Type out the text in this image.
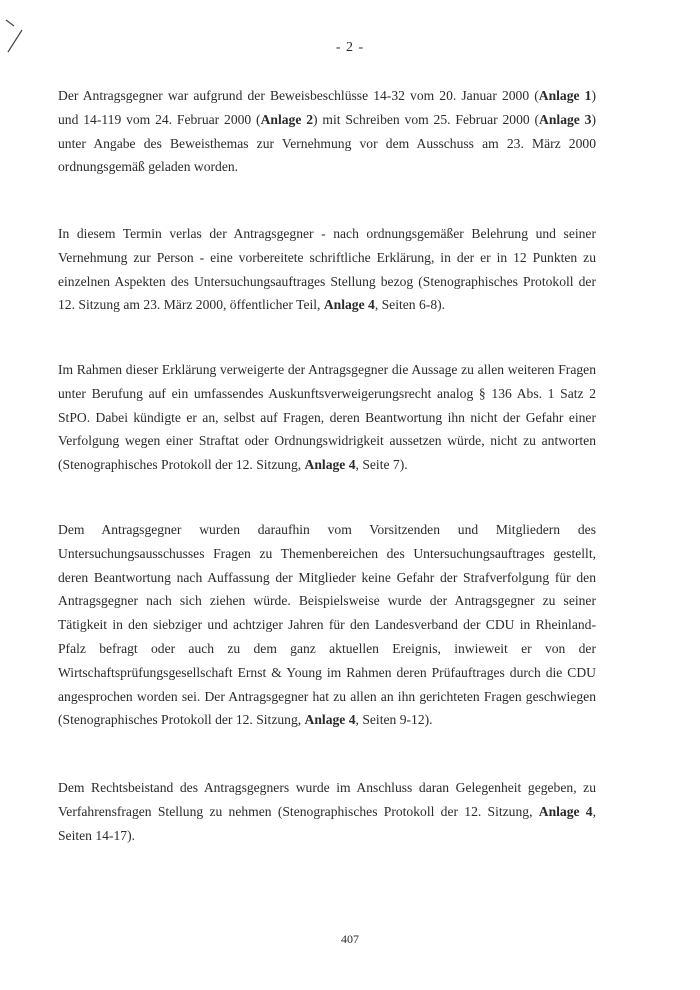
- 2 -

Der Antragsgegner war aufgrund der Beweisbeschlüsse 14-32 vom 20. Januar 2000 (Anlage 1) und 14-119 vom 24. Februar 2000 (Anlage 2) mit Schreiben vom 25. Februar 2000 (Anlage 3) unter Angabe des Beweisthemas zur Vernehmung vor dem Ausschuss am 23. März 2000 ordnungsgemäß geladen worden.

In diesem Termin verlas der Antragsgegner - nach ordnungsgemäßer Belehrung und seiner Vernehmung zur Person - eine vorbereitete schriftliche Erklärung, in der er in 12 Punkten zu einzelnen Aspekten des Untersuchungsauftrages Stellung bezog (Stenographisches Protokoll der 12. Sitzung am 23. März 2000, öffentlicher Teil, Anlage 4, Seiten 6-8).

Im Rahmen dieser Erklärung verweigerte der Antragsgegner die Aussage zu allen weiteren Fragen unter Berufung auf ein umfassendes Auskunftsverweigerungsrecht analog § 136 Abs. 1 Satz 2 StPO. Dabei kündigte er an, selbst auf Fragen, deren Beantwortung ihn nicht der Gefahr einer Verfolgung wegen einer Straftat oder Ordnungswidrigkeit aussetzen würde, nicht zu antworten (Stenographisches Protokoll der 12. Sitzung, Anlage 4, Seite 7).

Dem Antragsgegner wurden daraufhin vom Vorsitzenden und Mitgliedern des Untersuchungsausschusses Fragen zu Themenbereichen des Untersuchungsauftrages gestellt, deren Beantwortung nach Auffassung der Mitglieder keine Gefahr der Strafverfolgung für den Antragsgegner nach sich ziehen würde. Beispielsweise wurde der Antragsgegner zu seiner Tätigkeit in den siebziger und achtziger Jahren für den Landesverband der CDU in Rheinland-Pfalz befragt oder auch zu dem ganz aktuellen Ereignis, inwieweit er von der Wirtschaftsprüfungsgesellschaft Ernst & Young im Rahmen deren Prüfauftrages durch die CDU angesprochen worden sei. Der Antragsgegner hat zu allen an ihn gerichteten Fragen geschwiegen (Stenographisches Protokoll der 12. Sitzung, Anlage 4, Seiten 9-12).

Dem Rechtsbeistand des Antragsgegners wurde im Anschluss daran Gelegenheit gegeben, zu Verfahrensfragen Stellung zu nehmen (Stenographisches Protokoll der 12. Sitzung, Anlage 4, Seiten 14-17).

407
